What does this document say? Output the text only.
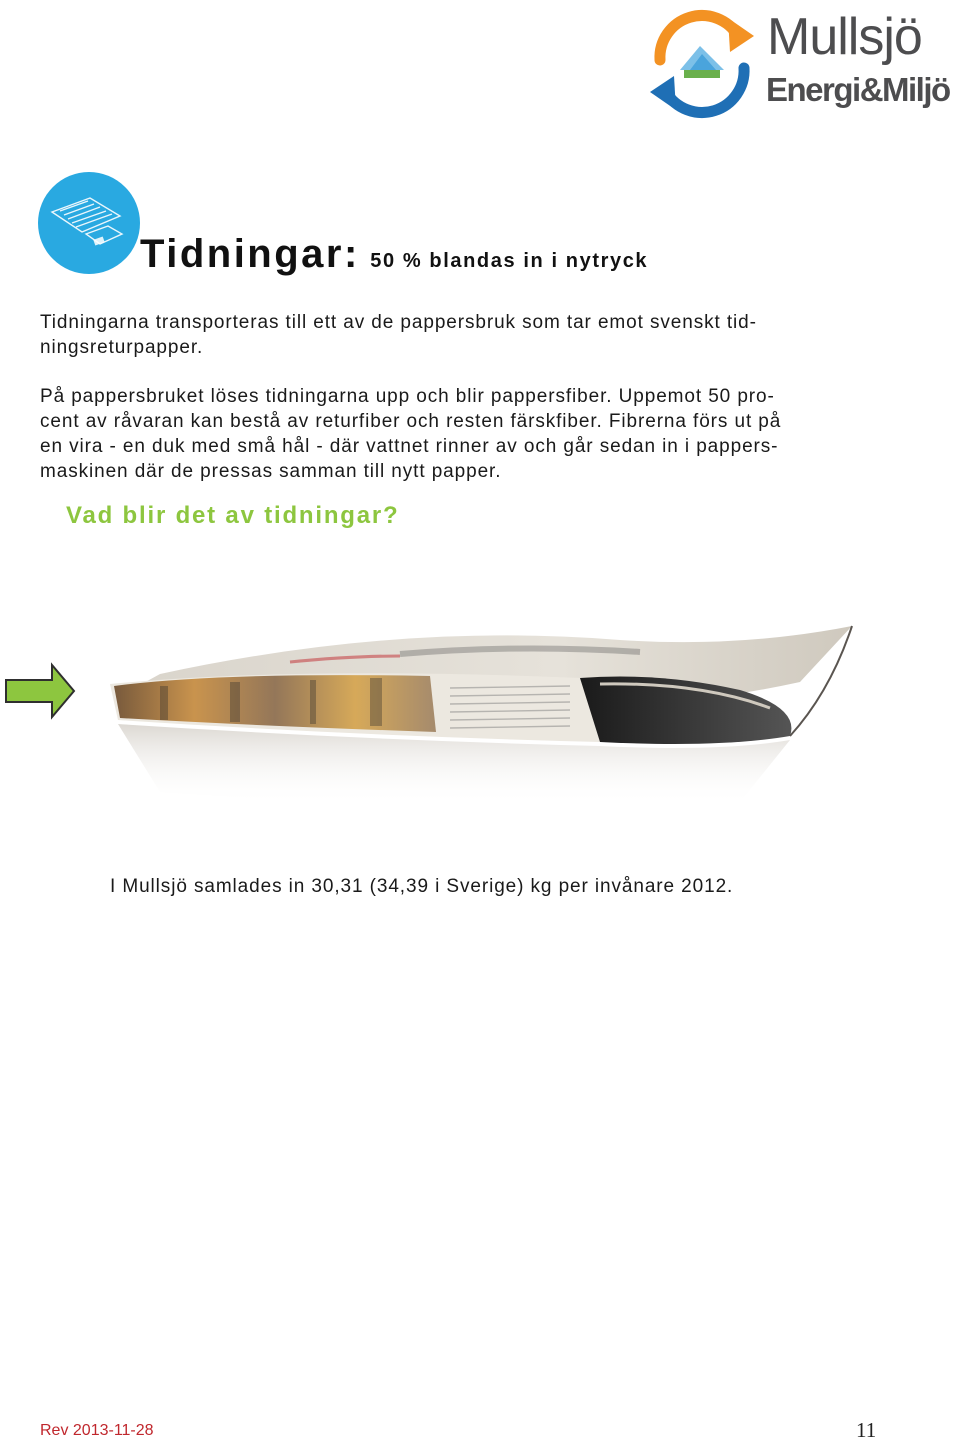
Mullsjö
Energi&Miljö
Tidningar: 50 % blandas in i nytryck
Tidningarna transporteras till ett av de pappersbruk som tar emot svenskt tid-
ningsreturpapper.
På pappersbruket löses tidningarna upp och blir pappersfiber. Uppemot 50 pro-
cent av råvaran kan bestå av returfiber och resten färskfiber. Fibrerna förs ut på
en vira - en duk med små hål - där vattnet rinner av och går sedan in i pappers-
maskinen där de pressas samman till nytt papper.
Vad blir det av tidningar?
I Mullsjö samlades in 30,31 (34,39 i Sverige) kg per invånare 2012.
Rev 2013-11-28	11
